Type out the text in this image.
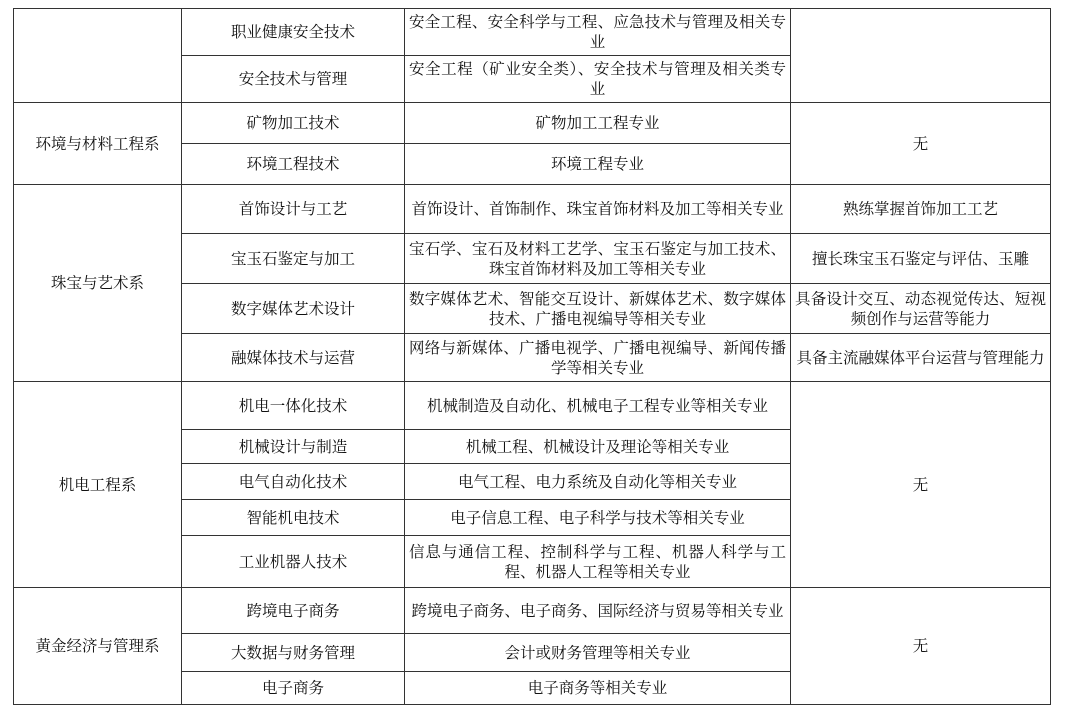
	职业健康安全技术	安全工程、安全科学与工程、应急技术与管理及相关专业	
	安全技术与管理	安全工程（矿业安全类）、安全技术与管理及相关类专业	
环境与材料工程系	矿物加工技术	矿物加工工程专业	无
	环境工程技术	环境工程专业	
珠宝与艺术系	首饰设计与工艺	首饰设计、首饰制作、珠宝首饰材料及加工等相关专业	熟练掌握首饰加工工艺
	宝玉石鉴定与加工	宝石学、宝石及材料工艺学、宝玉石鉴定与加工技术、珠宝首饰材料及加工等相关专业	擅长珠宝玉石鉴定与评估、玉雕
	数字媒体艺术设计	数字媒体艺术、智能交互设计、新媒体艺术、数字媒体技术、广播电视编导等相关专业	具备设计交互、动态视觉传达、短视频创作与运营等能力
	融媒体技术与运营	网络与新媒体、广播电视学、广播电视编导、新闻传播学等相关专业	具备主流融媒体平台运营与管理能力
机电工程系	机电一体化技术	机械制造及自动化、机械电子工程专业等相关专业	无
	机械设计与制造	机械工程、机械设计及理论等相关专业	
	电气自动化技术	电气工程、电力系统及自动化等相关专业	
	智能机电技术	电子信息工程、电子科学与技术等相关专业	
	工业机器人技术	信息与通信工程、控制科学与工程、机器人科学与工程、机器人工程等相关专业	
黄金经济与管理系	跨境电子商务	跨境电子商务、电子商务、国际经济与贸易等相关专业	无
	大数据与财务管理	会计或财务管理等相关专业	
	电子商务	电子商务等相关专业	
